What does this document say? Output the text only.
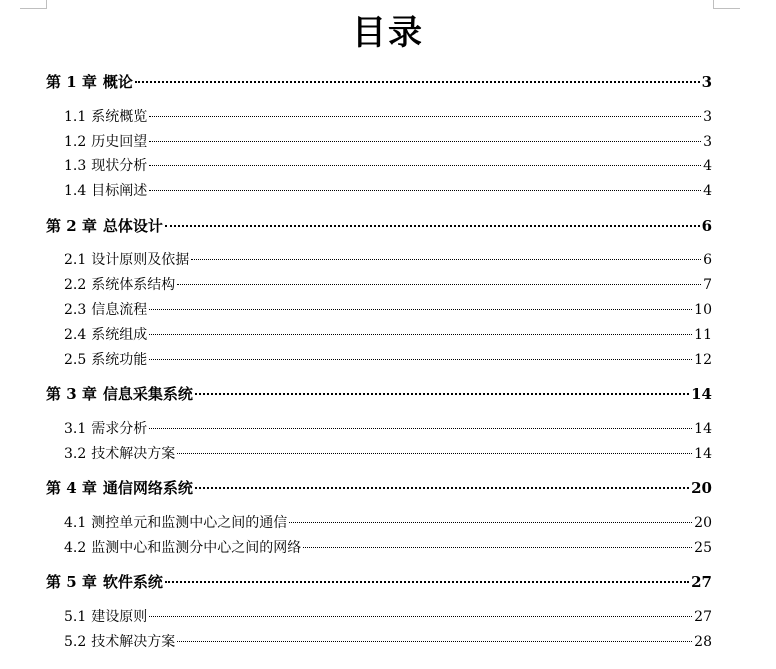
目录
第 1 章 概论	3
1.1 系统概览	3
1.2 历史回望	3
1.3 现状分析	4
1.4 目标阐述	4
第 2 章 总体设计	6
2.1 设计原则及依据	6
2.2 系统体系结构	7
2.3 信息流程	10
2.4 系统组成	11
2.5 系统功能	12
第 3 章 信息采集系统	14
3.1 需求分析	14
3.2 技术解决方案	14
第 4 章 通信网络系统	20
4.1 测控单元和监测中心之间的通信	20
4.2 监测中心和监测分中心之间的网络	25
第 5 章 软件系统	27
5.1 建设原则	27
5.2 技术解决方案	28
